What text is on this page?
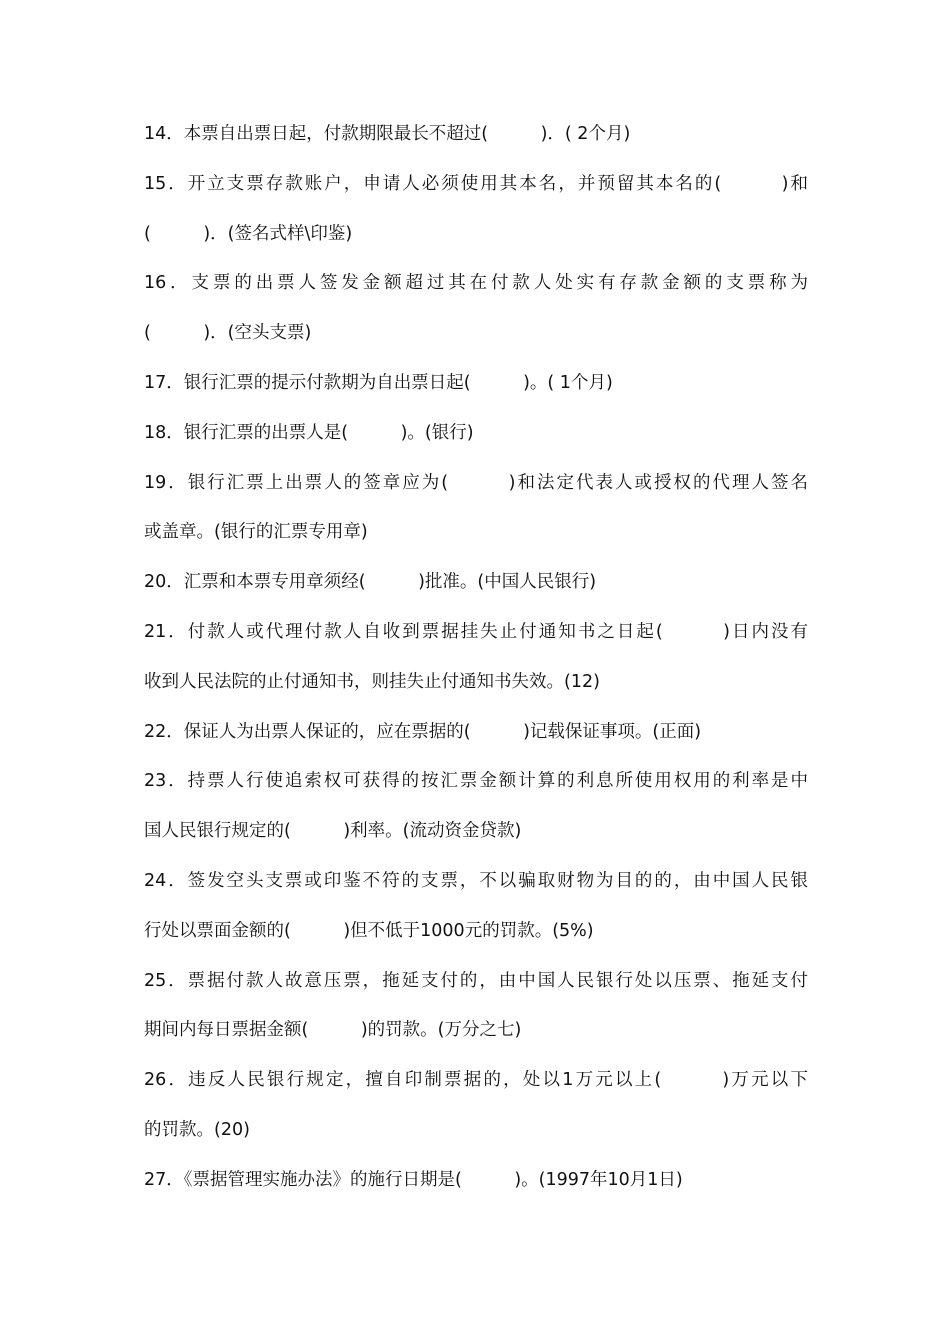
14．本票自出票日起，付款期限最长不超过(　　　)．( 2个月)
15．开立支票存款账户，申请人必须使用其本名，并预留其本名的(　　　)和
(　　　)．(签名式样\印鉴)
16．支票的出票人签发金额超过其在付款人处实有存款金额的支票称为
(　　　)．(空头支票)
17．银行汇票的提示付款期为自出票日起(　　　)。( 1个月)
18．银行汇票的出票人是(　　　)。(银行)
19．银行汇票上出票人的签章应为(　　　)和法定代表人或授权的代理人签名
或盖章。(银行的汇票专用章)
20．汇票和本票专用章须经(　　　)批准。(中国人民银行)
21．付款人或代理付款人自收到票据挂失止付通知书之日起(　　　)日内没有
收到人民法院的止付通知书，则挂失止付通知书失效。(12)
22．保证人为出票人保证的，应在票据的(　　　)记载保证事项。(正面)
23．持票人行使追索权可获得的按汇票金额计算的利息所使用权用的利率是中
国人民银行规定的(　　　)利率。(流动资金贷款)
24．签发空头支票或印鉴不符的支票，不以骗取财物为目的的，由中国人民银
行处以票面金额的(　　　)但不低于1000元的罚款。(5%)
25．票据付款人故意压票，拖延支付的，由中国人民银行处以压票、拖延支付
期间内每日票据金额(　　　)的罚款。(万分之七)
26．违反人民银行规定，擅自印制票据的，处以1万元以上(　　　)万元以下
的罚款。(20)
27．《票据管理实施办法》的施行日期是(　　　)。(1997年10月1日)
